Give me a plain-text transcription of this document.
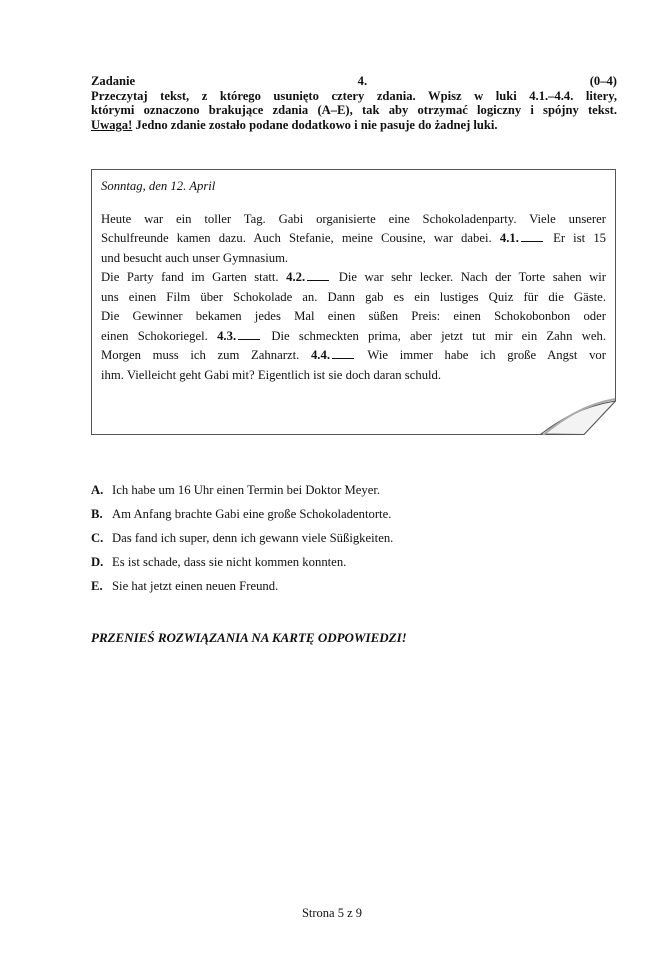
Zadanie 4. (0–4)
Przeczytaj tekst, z którego usunięto cztery zdania. Wpisz w luki 4.1.–4.4. litery,
którymi oznaczono brakujące zdania (A–E), tak aby otrzymać logiczny i spójny tekst.
Uwaga! Jedno zdanie zostało podane dodatkowo i nie pasuje do żadnej luki.
Sonntag, den 12. April
Heute war ein toller Tag. Gabi organisierte eine Schokoladenparty. Viele unserer
Schulfreunde kamen dazu. Auch Stefanie, meine Cousine, war dabei. 4.1.	Er ist 15
und besucht auch unser Gymnasium.
Die Party fand im Garten statt. 4.2.	Die war sehr lecker. Nach der Torte sahen wir
uns einen Film über Schokolade an. Dann gab es ein lustiges Quiz für die Gäste.
Die Gewinner bekamen jedes Mal einen süßen Preis: einen Schokobonbon oder
einen Schokoriegel. 4.3.	Die schmeckten prima, aber jetzt tut mir ein Zahn weh.
Morgen muss ich zum Zahnarzt. 4.4.	Wie immer habe ich große Angst vor
ihm. Vielleicht geht Gabi mit? Eigentlich ist sie doch daran schuld.
A. Ich habe um 16 Uhr einen Termin bei Doktor Meyer.
B. Am Anfang brachte Gabi eine große Schokoladentorte.
C. Das fand ich super, denn ich gewann viele Süßigkeiten.
D. Es ist schade, dass sie nicht kommen konnten.
E. Sie hat jetzt einen neuen Freund.
PRZENIEŚ ROZWIĄZANIA NA KARTĘ ODPOWIEDZI!
Strona 5 z 9
